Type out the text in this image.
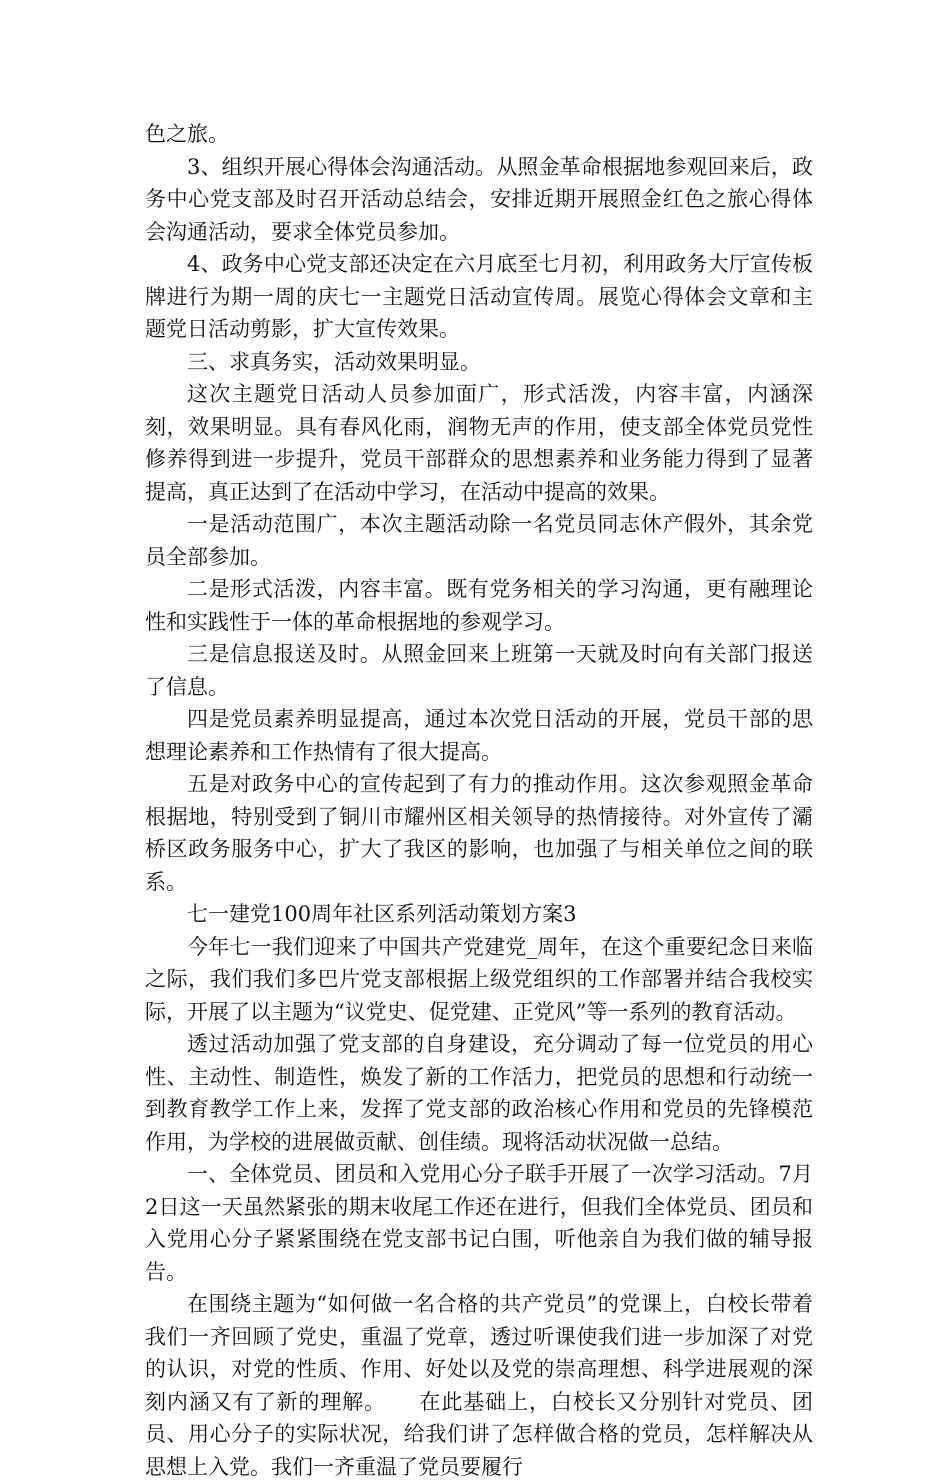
色之旅。

3、组织开展心得体会沟通活动。从照金革命根据地参观回来后，政务中心党支部及时召开活动总结会，安排近期开展照金红色之旅心得体会沟通活动，要求全体党员参加。

4、政务中心党支部还决定在六月底至七月初，利用政务大厅宣传板牌进行为期一周的庆七一主题党日活动宣传周。展览心得体会文章和主题党日活动剪影，扩大宣传效果。

三、求真务实，活动效果明显。

这次主题党日活动人员参加面广，形式活泼，内容丰富，内涵深刻，效果明显。具有春风化雨，润物无声的作用，使支部全体党员党性修养得到进一步提升，党员干部群众的思想素养和业务能力得到了显著提高，真正达到了在活动中学习，在活动中提高的效果。

一是活动范围广，本次主题活动除一名党员同志休产假外，其余党员全部参加。

二是形式活泼，内容丰富。既有党务相关的学习沟通，更有融理论性和实践性于一体的革命根据地的参观学习。

三是信息报送及时。从照金回来上班第一天就及时向有关部门报送了信息。

四是党员素养明显提高，通过本次党日活动的开展，党员干部的思想理论素养和工作热情有了很大提高。

五是对政务中心的宣传起到了有力的推动作用。这次参观照金革命根据地，特别受到了铜川市耀州区相关领导的热情接待。对外宣传了灞桥区政务服务中心，扩大了我区的影响，也加强了与相关单位之间的联系。

七一建党100周年社区系列活动策划方案3

今年七一我们迎来了中国共产党建党_周年，在这个重要纪念日来临之际，我们我们多巴片党支部根据上级党组织的工作部署并结合我校实际，开展了以主题为“议党史、促党建、正党风”等一系列的教育活动。

透过活动加强了党支部的自身建设，充分调动了每一位党员的用心性、主动性、制造性，焕发了新的工作活力，把党员的思想和行动统一到教育教学工作上来，发挥了党支部的政治核心作用和党员的先锋模范作用，为学校的进展做贡献、创佳绩。现将活动状况做一总结。

一、全体党员、团员和入党用心分子联手开展了一次学习活动。7月2日这一天虽然紧张的期末收尾工作还在进行，但我们全体党员、团员和入党用心分子紧紧围绕在党支部书记白围，听他亲自为我们做的辅导报告。

在围绕主题为“如何做一名合格的共产党员”的党课上，白校长带着我们一齐回顾了党史，重温了党章，透过听课使我们进一步加深了对党的认识，对党的性质、作用、好处以及党的崇高理想、科学进展观的深刻内涵又有了新的理解。　　在此基础上，白校长又分别针对党员、团员、用心分子的实际状况，给我们讲了怎样做合格的党员，怎样解决从思想上入党。我们一齐重温了党员要履行
